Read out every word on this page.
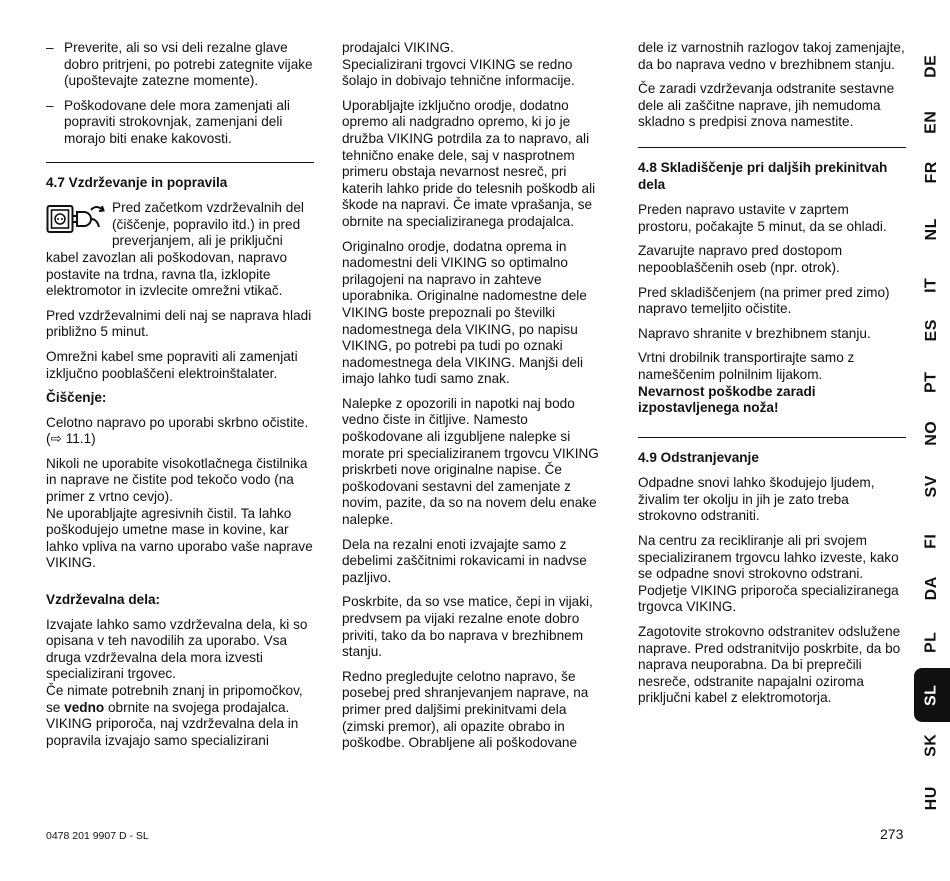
– Preverite, ali so vsi deli rezalne glave dobro pritrjeni, po potrebi zategnite vijake (upoštevajte zatezne momente).
– Poškodovane dele mora zamenjati ali popraviti strokovnjak, zamenjani deli morajo biti enake kakovosti.
4.7 Vzdrževanje in popravila

Pred začetkom vzdrževalnih del (čiščenje, popravilo itd.) in pred preverjanjem, ali je priključni kabel zavozlan ali poškodovan, napravo postavite na trdna, ravna tla, izklopite elektromotor in izvlecite omrežni vtikač.

Pred vzdrževalnimi deli naj se naprava hladi približno 5 minut.

Omrežni kabel sme popraviti ali zamenjati izključno pooblaščeni elektroinštalater.

Čiščenje:

Celotno napravo po uporabi skrbno očistite. (⇨ 11.1)

Nikoli ne uporabite visokotlačnega čistilnika in naprave ne čistite pod tekočo vodo (na primer z vrtno cevjo).
Ne uporabljajte agresivnih čistil. Ta lahko poškodujejo umetne mase in kovine, kar lahko vpliva na varno uporabo vaše naprave VIKING.

Vzdrževalna dela:

Izvajate lahko samo vzdrževalna dela, ki so opisana v teh navodilih za uporabo. Vsa druga vzdrževalna dela mora izvesti specializirani trgovec.
Če nimate potrebnih znanj in pripomočkov, se vedno obrnite na svojega prodajalca. VIKING priporoča, naj vzdrževalna dela in popravila izvajajo samo specializirani

prodajalci VIKING.
Specializirani trgovci VIKING se redno šolajo in dobivajo tehnične informacije.

Uporabljajte izključno orodje, dodatno opremo ali nadgradno opremo, ki jo je družba VIKING potrdila za to napravo, ali tehnično enake dele, saj v nasprotnem primeru obstaja nevarnost nesreč, pri katerih lahko pride do telesnih poškodb ali škode na napravi. Če imate vprašanja, se obrnite na specializiranega prodajalca.

Originalno orodje, dodatna oprema in nadomestni deli VIKING so optimalno prilagojeni na napravo in zahteve uporabnika. Originalne nadomestne dele VIKING boste prepoznali po številki nadomestnega dela VIKING, po napisu VIKING, po potrebi pa tudi po oznaki nadomestnega dela VIKING. Manjši deli imajo lahko tudi samo znak.

Nalepke z opozorili in napotki naj bodo vedno čiste in čitljive. Namesto poškodovane ali izgubljene nalepke si morate pri specializiranem trgovcu VIKING priskrbeti nove originalne napise. Če poškodovani sestavni del zamenjate z novim, pazite, da so na novem delu enake nalepke.

Dela na rezalni enoti izvajajte samo z debelimi zaščitnimi rokavicami in nadvse pazljivo.

Poskrbite, da so vse matice, čepi in vijaki, predvsem pa vijaki rezalne enote dobro priviti, tako da bo naprava v brezhibnem stanju.

Redno pregledujte celotno napravo, še posebej pred shranjevanjem naprave, na primer pred daljšimi prekinitvami dela (zimski premor), ali opazite obrabo in poškodbe. Obrabljene ali poškodovane

dele iz varnostnih razlogov takoj zamenjajte, da bo naprava vedno v brezhibnem stanju.

Če zaradi vzdrževanja odstranite sestavne dele ali zaščitne naprave, jih nemudoma skladno s predpisi znova namestite.

4.8 Skladiščenje pri daljših prekinitvah dela

Preden napravo ustavite v zaprtem prostoru, počakajte 5 minut, da se ohladi.

Zavarujte napravo pred dostopom nepooblaščenih oseb (npr. otrok).

Pred skladiščenjem (na primer pred zimo) napravo temeljito očistite.

Napravo shranite v brezhibnem stanju.

Vrtni drobilnik transportirajte samo z nameščenim polnilnim lijakom.
Nevarnost poškodbe zaradi izpostavljenega noža!

4.9 Odstranjevanje

Odpadne snovi lahko škodujejo ljudem, živalim ter okolju in jih je zato treba strokovno odstraniti.

Na centru za recikliranje ali pri svojem specializiranem trgovcu lahko izveste, kako se odpadne snovi strokovno odstrani. Podjetje VIKING priporoča specializiranega trgovca VIKING.

Zagotovite strokovno odstranitev odslužene naprave. Pred odstranitvijo poskrbite, da bo naprava neuporabna. Da bi preprečili nesreče, odstranite napajalni oziroma priključni kabel z elektromotorja.

DE
EN
FR
NL
IT
ES
PT
NO
SV
FI
DA
PL
SL
SK
HU
0478 201 9907 D - SL	273
